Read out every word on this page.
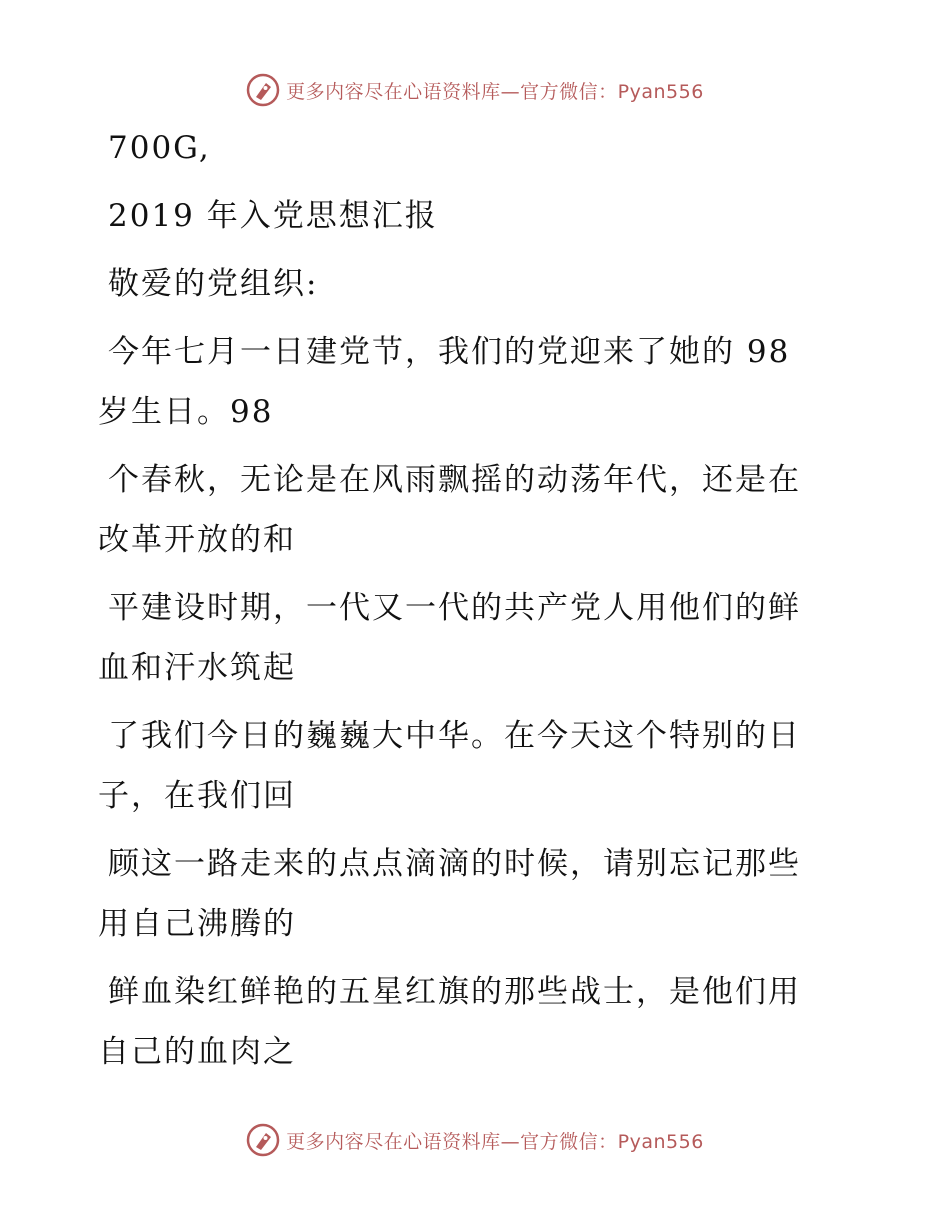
更多内容尽在心语资料库—官方微信：Pyan556
700G,
2019 年入党思想汇报
敬爱的党组织:
今年七月一日建党节，我们的党迎来了她的 98
岁生日。98
个春秋，无论是在风雨飘摇的动荡年代，还是在
改革开放的和
平建设时期，一代又一代的共产党人用他们的鲜
血和汗水筑起
了我们今日的巍巍大中华。在今天这个特别的日
子，在我们回
顾这一路走来的点点滴滴的时候，请别忘记那些
用自己沸腾的
鲜血染红鲜艳的五星红旗的那些战士，是他们用
自己的血肉之
更多内容尽在心语资料库—官方微信：Pyan556
